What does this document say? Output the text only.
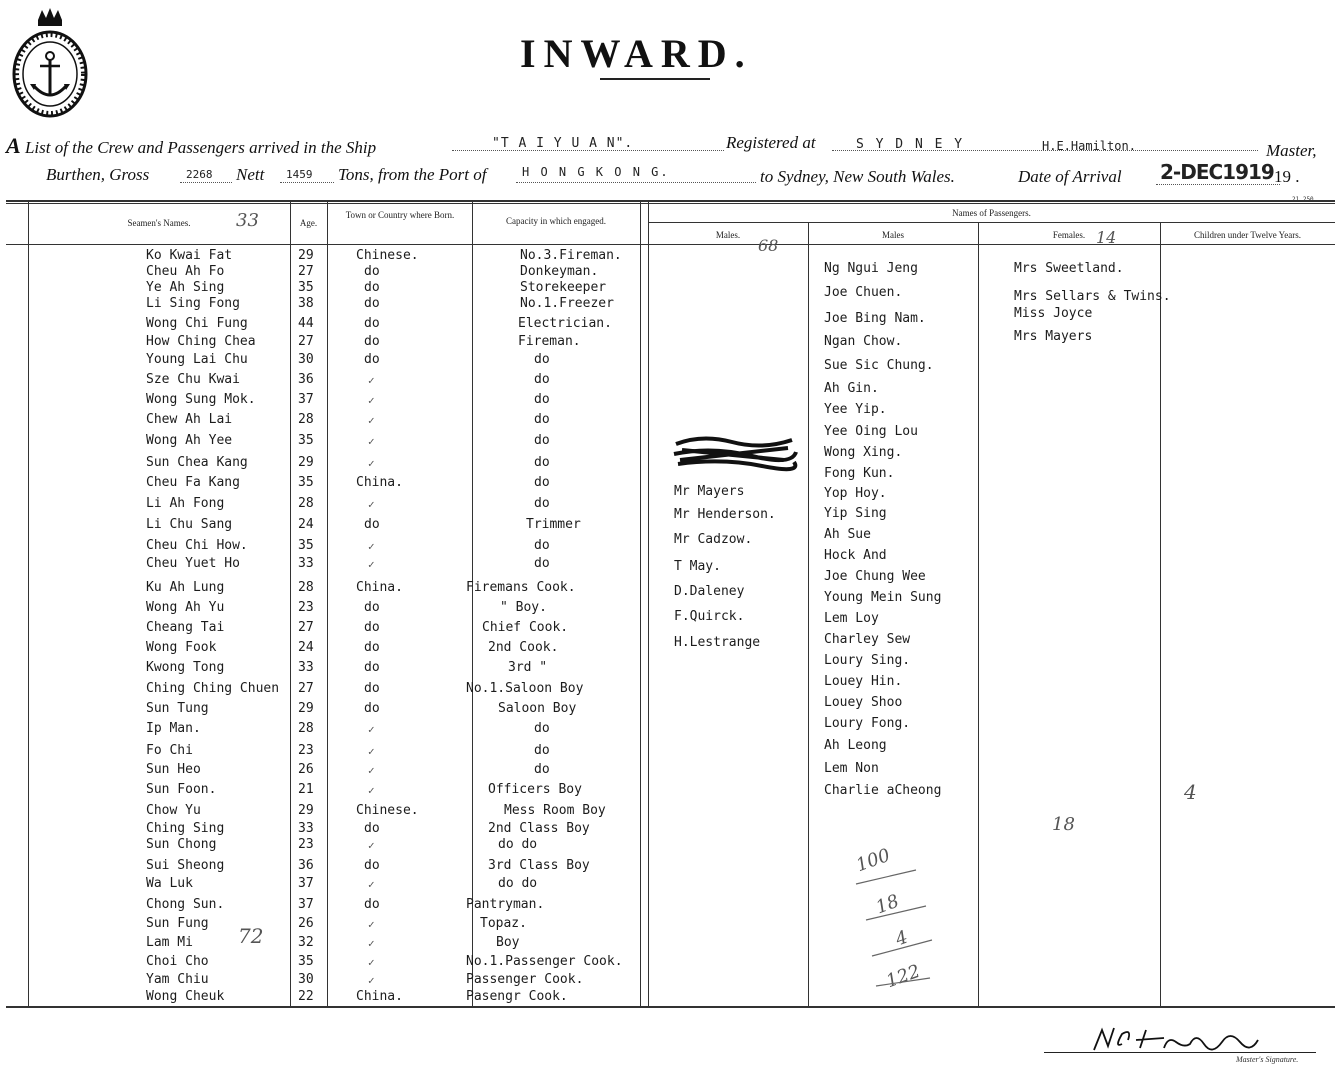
INWARD.
A List of the Crew and Passengers arrived in the Ship	"T A I Y U A N".	Registered at	S Y D N E Y	H.E.Hamilton.	Master,
Burthen, Gross	2268 Nett 1459 Tons, from the Port of	H O N G K O N G.	to Sydney, New South Wales.	Date of Arrival 2-DEC1919 19 .
Seamen's Names.	33	Age.
Town or Country where Born.
Capacity in which engaged.
Names of Passengers.
Males.
68
Males	Females. 14	Children under Twelve Years.
Ko Kwai Fat	29	Chinese.	No.3.Fireman.
Cheu Ah Fo	27	do	Donkeyman.
Ye Ah Sing	35	do	Storekeeper
Li Sing Fong	38	do	No.1.Freezer
Wong Chi Fung	44	do	Electrician.
How Ching Chea	27	do	Fireman.
Young Lai Chu	30	do	do
Sze Chu Kwai	36	✓	do
Wong Sung Mok.	37	✓	do
Chew Ah Lai	28	✓	do
Wong Ah Yee	35	✓	do
Sun Chea Kang	29	✓	do
Cheu Fa Kang	35	China.	do
Li Ah Fong	28	✓	do
Li Chu Sang	24	do	Trimmer
Cheu Chi How.	35	✓	do
Cheu Yuet Ho	33	✓	do
Ku Ah Lung	28	China.	Firemans Cook.
Wong Ah Yu	23	do	" Boy.
Cheang Tai	27	do	Chief Cook.
Wong Fook	24	do	2nd Cook.
Kwong Tong	33	do	3rd "
Ching Ching Chuen 27	do	No.1.Saloon Boy
Sun Tung	29	do	Saloon Boy
Ip Man.	28	✓	do
Fo Chi	23	✓	do
Sun Heo	26	✓	do
Sun Foon.	21	✓	Officers Boy
Chow Yu	29	Chinese.	Mess Room Boy
Ching Sing	33	do	2nd Class Boy
Sun Chong	23	✓	do do
Sui Sheong	36	do	3rd Class Boy
Wa Luk	37	✓	do do
Chong Sun.	37	do	Pantryman.
Sun Fung	26	✓	Topaz.
Lam Mi	32	✓	Boy
Choi Cho	35	✓	No.1.Passenger Cook.
Yam Chiu	30	✓	Passenger Cook.
Wong Cheuk	22	China.	Pasengr Cook.
Mr Mayers
Mr Henderson.
Mr Cadzow.
T May.
D.Daleney
F.Quirck.
H.Lestrange
Ng Ngui Jeng
Joe Chuen.
Joe Bing Nam.
Ngan Chow.
Sue Sic Chung.
Ah Gin.
Yee Yip.
Yee Oing Lou
Wong Xing.
Fong Kun.
Yop Hoy.
Yip Sing
Ah Sue
Hock And
Joe Chung Wee
Young Mein Sung
Lem Loy
Charley Sew
Loury Sing.
Louey Hin.
Louey Shoo
Loury Fong.
Ah Leong
Lem Non
Charlie aCheong
Mrs Sweetland.
Mrs Sellars & Twins.
Miss Joyce
Mrs Mayers
100
18
4
122
18
4
72
Master's Signature.
